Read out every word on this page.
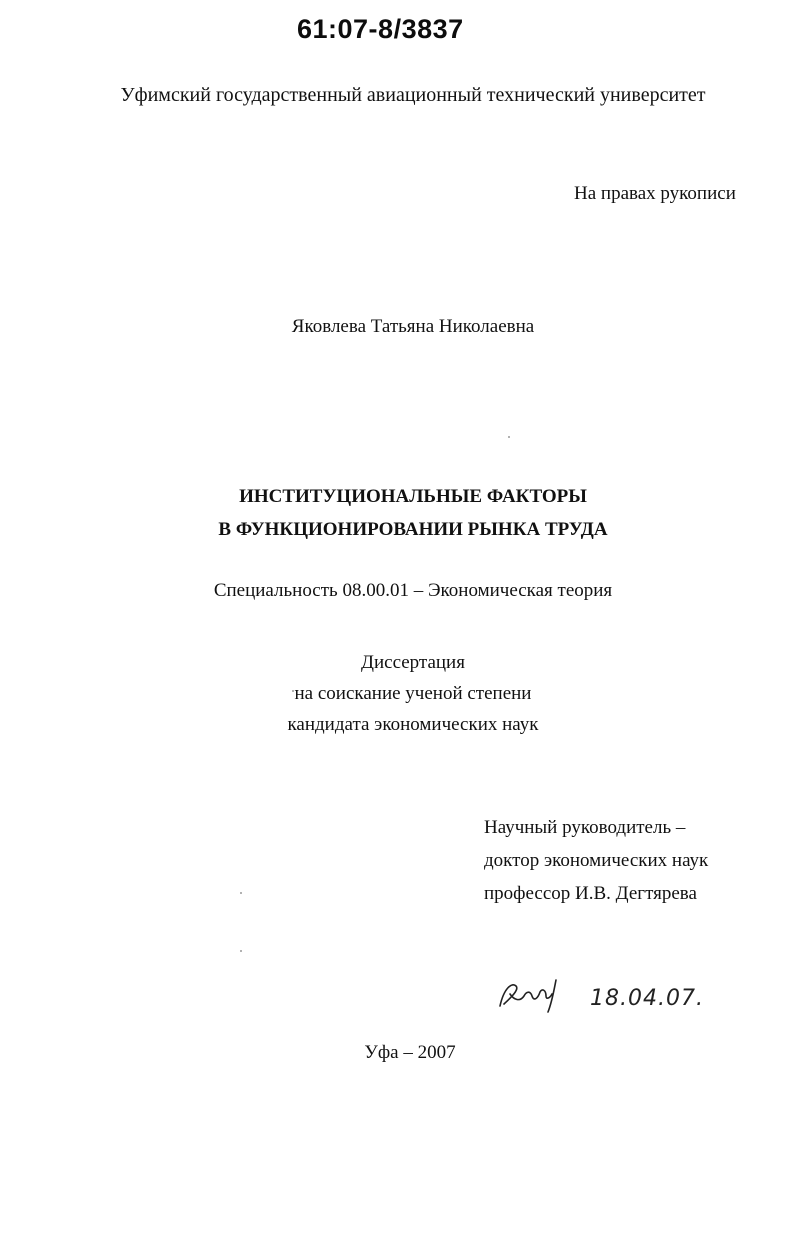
61:07-8/3837
Уфимский государственный авиационный технический университет
На правах рукописи
Яковлева Татьяна Николаевна
ИНСТИТУЦИОНАЛЬНЫЕ ФАКТОРЫ
В ФУНКЦИОНИРОВАНИИ РЫНКА ТРУДА
Специальность 08.00.01 – Экономическая теория
Диссертация
на соискание ученой степени
кандидата экономических наук
Научный руководитель –
доктор экономических наук
профессор И.В. Дегтярева
18.04.07.
Уфа – 2007
